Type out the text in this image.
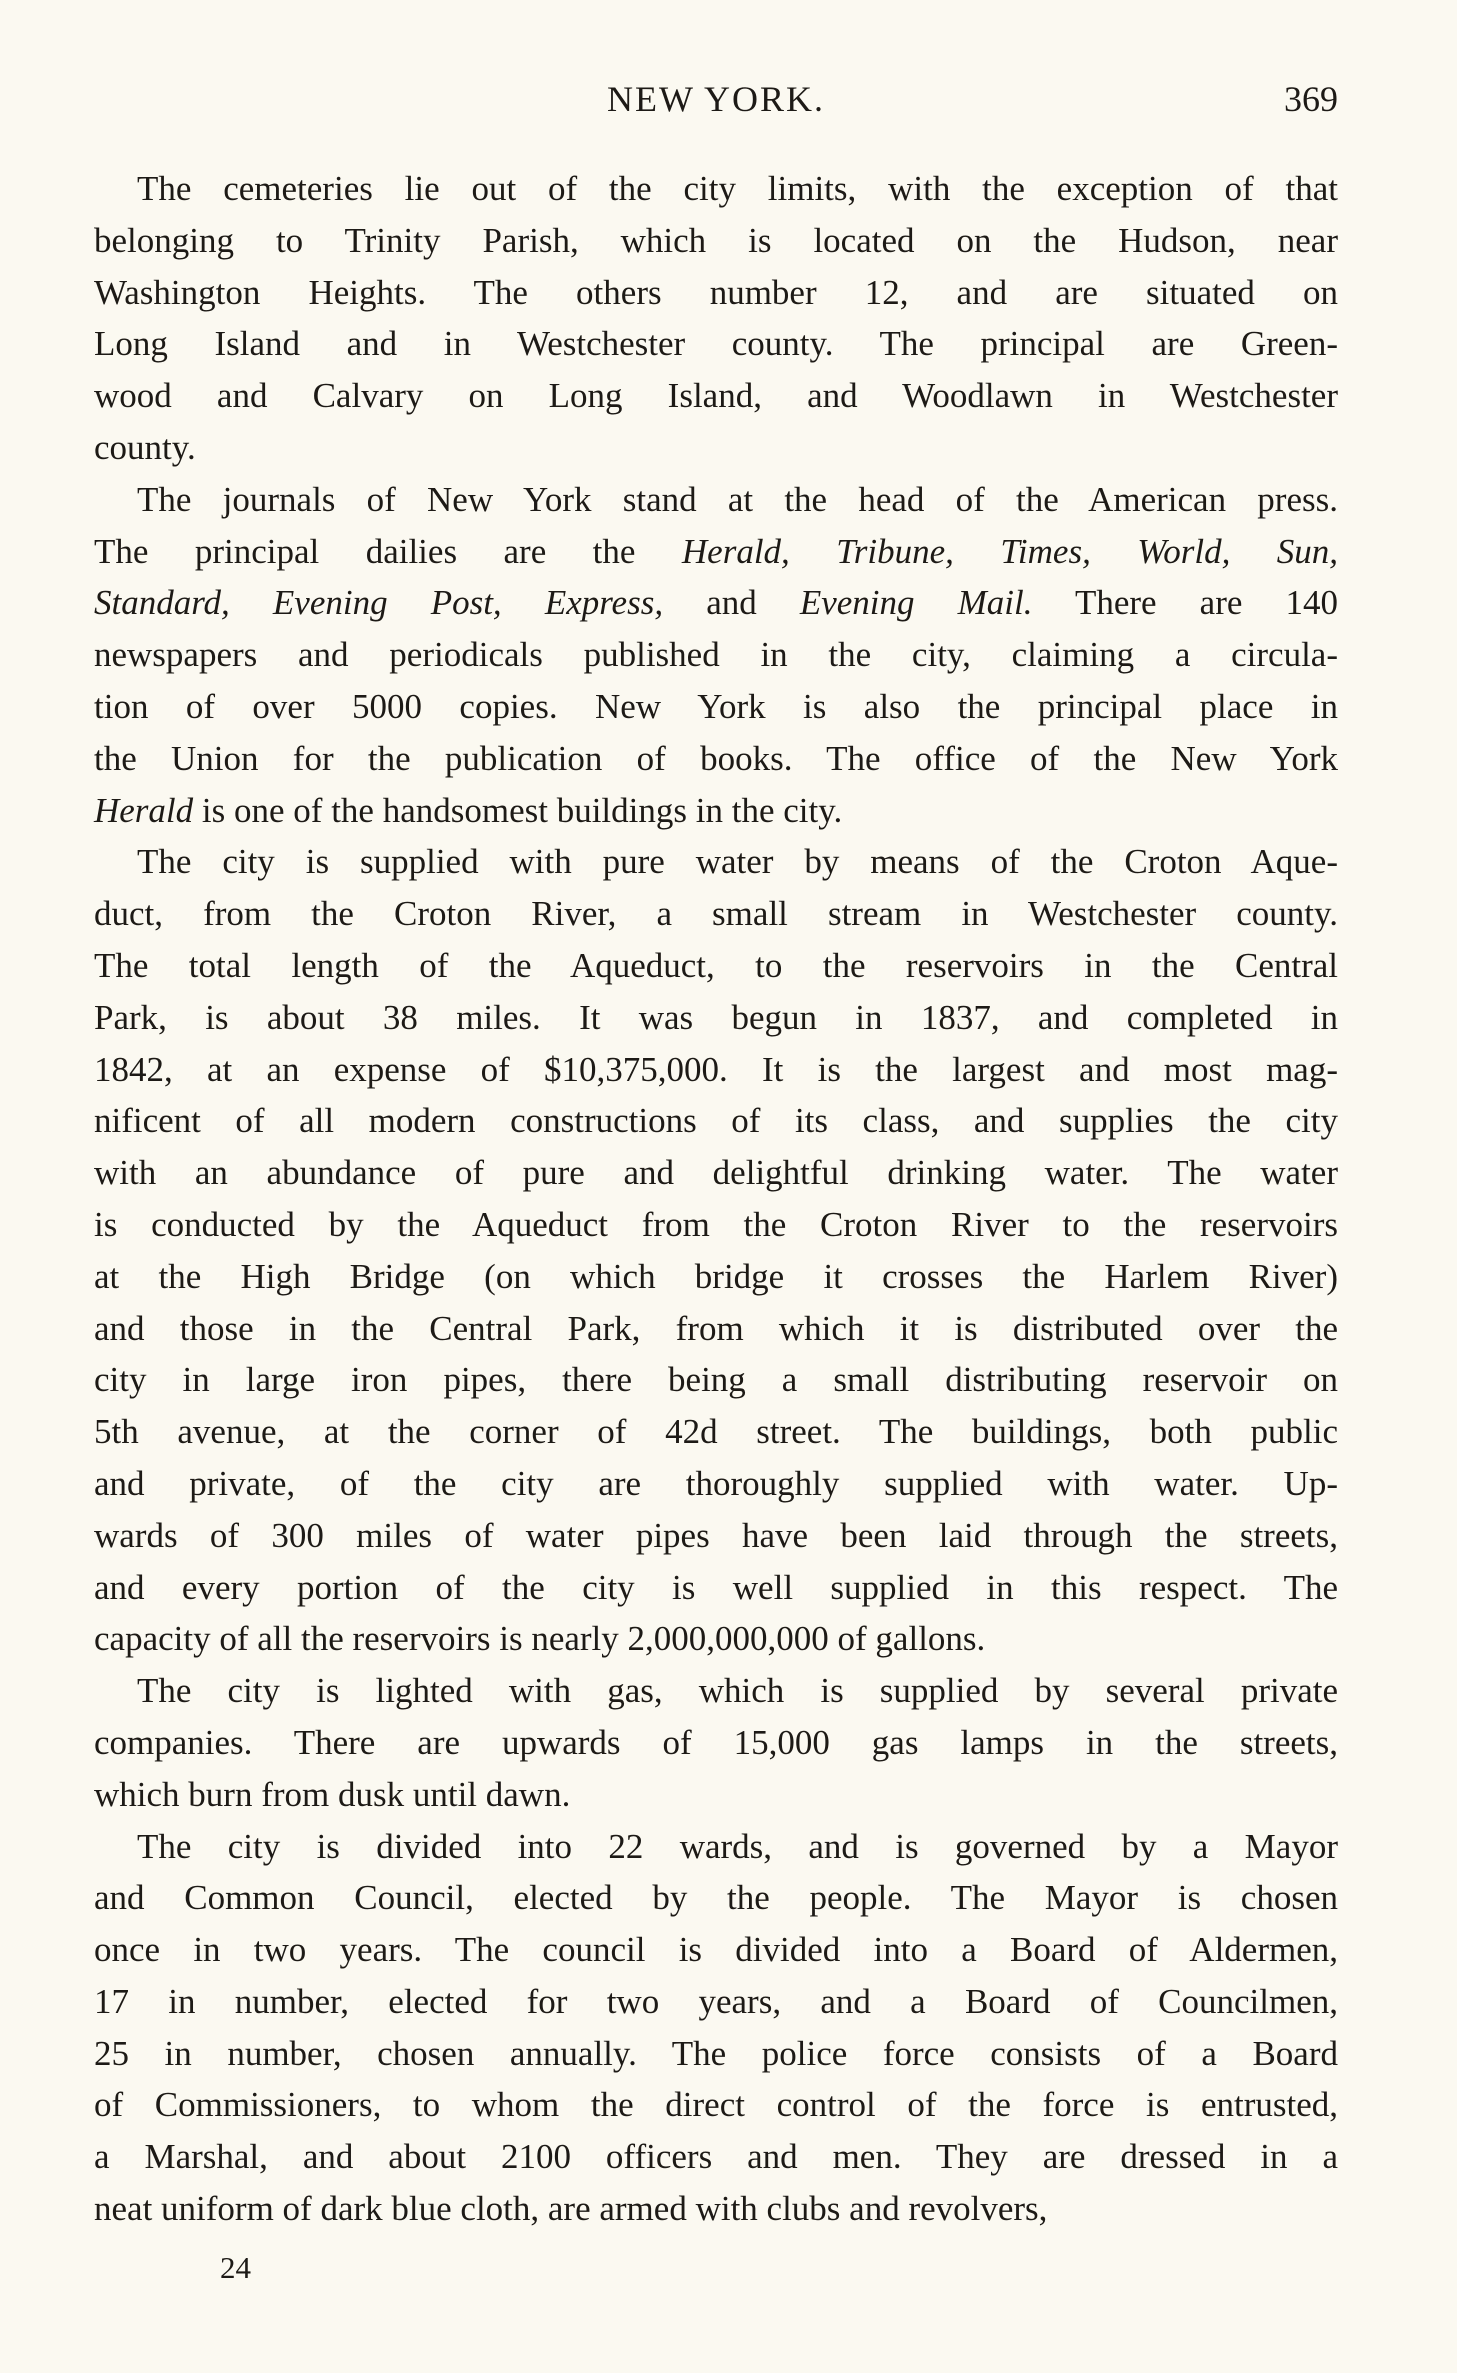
NEW YORK.	369
The cemeteries lie out of the city limits, with the exception of that
belonging to Trinity Parish, which is located on the Hudson, near
Washington Heights. The others number 12, and are situated on
Long Island and in Westchester county. The principal are Green-
wood and Calvary on Long Island, and Woodlawn in Westchester
county.
The journals of New York stand at the head of the American press.
The principal dailies are the Herald, Tribune, Times, World, Sun,
Standard, Evening Post, Express, and Evening Mail. There are 140
newspapers and periodicals published in the city, claiming a circula-
tion of over 5000 copies. New York is also the principal place in
the Union for the publication of books. The office of the New York
Herald is one of the handsomest buildings in the city.
The city is supplied with pure water by means of the Croton Aque-
duct, from the Croton River, a small stream in Westchester county.
The total length of the Aqueduct, to the reservoirs in the Central
Park, is about 38 miles. It was begun in 1837, and completed in
1842, at an expense of $10,375,000. It is the largest and most mag-
nificent of all modern constructions of its class, and supplies the city
with an abundance of pure and delightful drinking water. The water
is conducted by the Aqueduct from the Croton River to the reservoirs
at the High Bridge (on which bridge it crosses the Harlem River)
and those in the Central Park, from which it is distributed over the
city in large iron pipes, there being a small distributing reservoir on
5th avenue, at the corner of 42d street. The buildings, both public
and private, of the city are thoroughly supplied with water. Up-
wards of 300 miles of water pipes have been laid through the streets,
and every portion of the city is well supplied in this respect. The
capacity of all the reservoirs is nearly 2,000,000,000 of gallons.
The city is lighted with gas, which is supplied by several private
companies. There are upwards of 15,000 gas lamps in the streets,
which burn from dusk until dawn.
The city is divided into 22 wards, and is governed by a Mayor
and Common Council, elected by the people. The Mayor is chosen
once in two years. The council is divided into a Board of Aldermen,
17 in number, elected for two years, and a Board of Councilmen,
25 in number, chosen annually. The police force consists of a Board
of Commissioners, to whom the direct control of the force is entrusted,
a Marshal, and about 2100 officers and men. They are dressed in a
neat uniform of dark blue cloth, are armed with clubs and revolvers,
24
